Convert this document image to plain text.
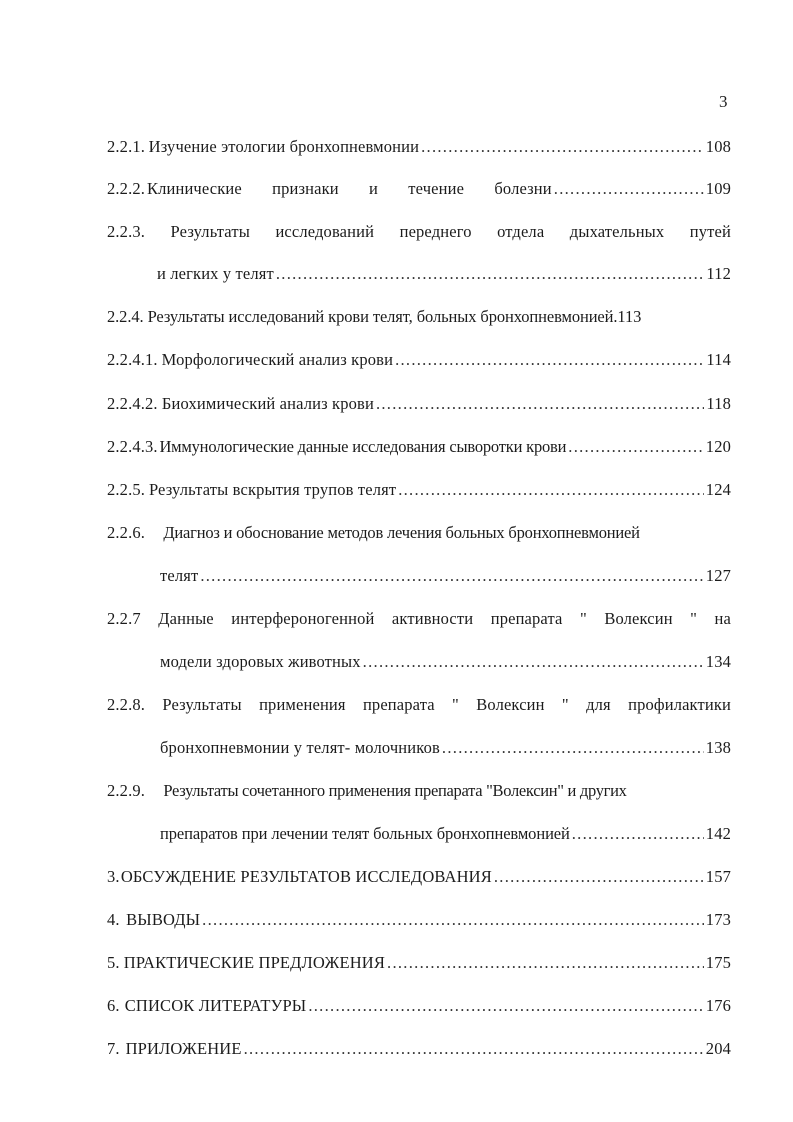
3
2.2.1. Изучение этологии бронхопневмонии .....	108
2.2.2. Клинические признаки и течение болезни .....	109
2.2.3. Результаты исследований переднего отдела дыхательных путей
и легких у телят .....	112
2.2.4. Результаты исследований крови телят, больных бронхопневмонией.113
2.2.4.1. Морфологический анализ крови .....	114
2.2.4.2. Биохимический анализ крови .....	118
2.2.4.3. Иммунологические данные исследования сыворотки крови .....	120
2.2.5. Результаты вскрытия трупов телят .....	124
2.2.6. Диагноз и обоснование методов лечения больных бронхопневмонией
телят .....	127
2.2.7 Данные интерфероногенной активности препарата " Волексин " на
модели здоровых животных .....	134
2.2.8. Результаты применения препарата " Волексин " для профилактики
бронхопневмонии у телят- молочников .....	138
2.2.9. Результаты сочетанного применения препарата "Волексин" и других
препаратов при лечении телят больных бронхопневмонией .....	142
3. ОБСУЖДЕНИЕ РЕЗУЛЬТАТОВ ИССЛЕДОВАНИЯ .....	157
4. ВЫВОДЫ .....	173
5. ПРАКТИЧЕСКИЕ ПРЕДЛОЖЕНИЯ .....	175
6. СПИСОК ЛИТЕРАТУРЫ .....	176
7. ПРИЛОЖЕНИЕ .....	204
